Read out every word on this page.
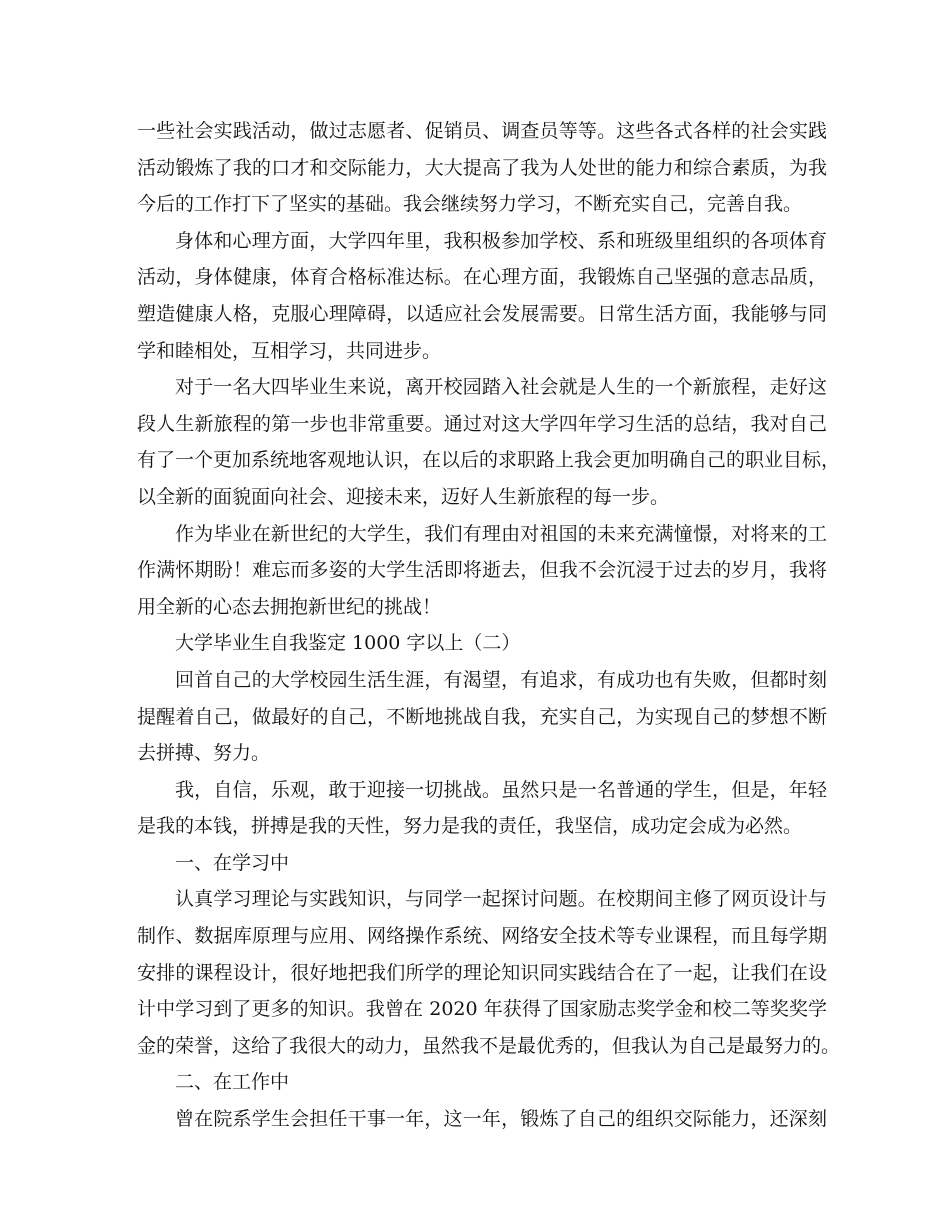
一些社会实践活动，做过志愿者、促销员、调查员等等。这些各式各样的社会实践
活动锻炼了我的口才和交际能力，大大提高了我为人处世的能力和综合素质，为我
今后的工作打下了坚实的基础。我会继续努力学习，不断充实自己，完善自我。
身体和心理方面，大学四年里，我积极参加学校、系和班级里组织的各项体育
活动，身体健康，体育合格标准达标。在心理方面，我锻炼自己坚强的意志品质，
塑造健康人格，克服心理障碍，以适应社会发展需要。日常生活方面，我能够与同
学和睦相处，互相学习，共同进步。
对于一名大四毕业生来说，离开校园踏入社会就是人生的一个新旅程，走好这
段人生新旅程的第一步也非常重要。通过对这大学四年学习生活的总结，我对自己
有了一个更加系统地客观地认识，在以后的求职路上我会更加明确自己的职业目标，
以全新的面貌面向社会、迎接未来，迈好人生新旅程的每一步。
作为毕业在新世纪的大学生，我们有理由对祖国的未来充满憧憬，对将来的工
作满怀期盼！难忘而多姿的大学生活即将逝去，但我不会沉浸于过去的岁月，我将
用全新的心态去拥抱新世纪的挑战！
大学毕业生自我鉴定 1000 字以上（二）
回首自己的大学校园生活生涯，有渴望，有追求，有成功也有失败，但都时刻
提醒着自己，做最好的自己，不断地挑战自我，充实自己，为实现自己的梦想不断
去拼搏、努力。
我，自信，乐观，敢于迎接一切挑战。虽然只是一名普通的学生，但是，年轻
是我的本钱，拼搏是我的天性，努力是我的责任，我坚信，成功定会成为必然。
一、在学习中
认真学习理论与实践知识，与同学一起探讨问题。在校期间主修了网页设计与
制作、数据库原理与应用、网络操作系统、网络安全技术等专业课程，而且每学期
安排的课程设计，很好地把我们所学的理论知识同实践结合在了一起，让我们在设
计中学习到了更多的知识。我曾在 2020 年获得了国家励志奖学金和校二等奖奖学
金的荣誉，这给了我很大的动力，虽然我不是最优秀的，但我认为自己是最努力的。
二、在工作中
曾在院系学生会担任干事一年，这一年，锻炼了自己的组织交际能力，还深刻
